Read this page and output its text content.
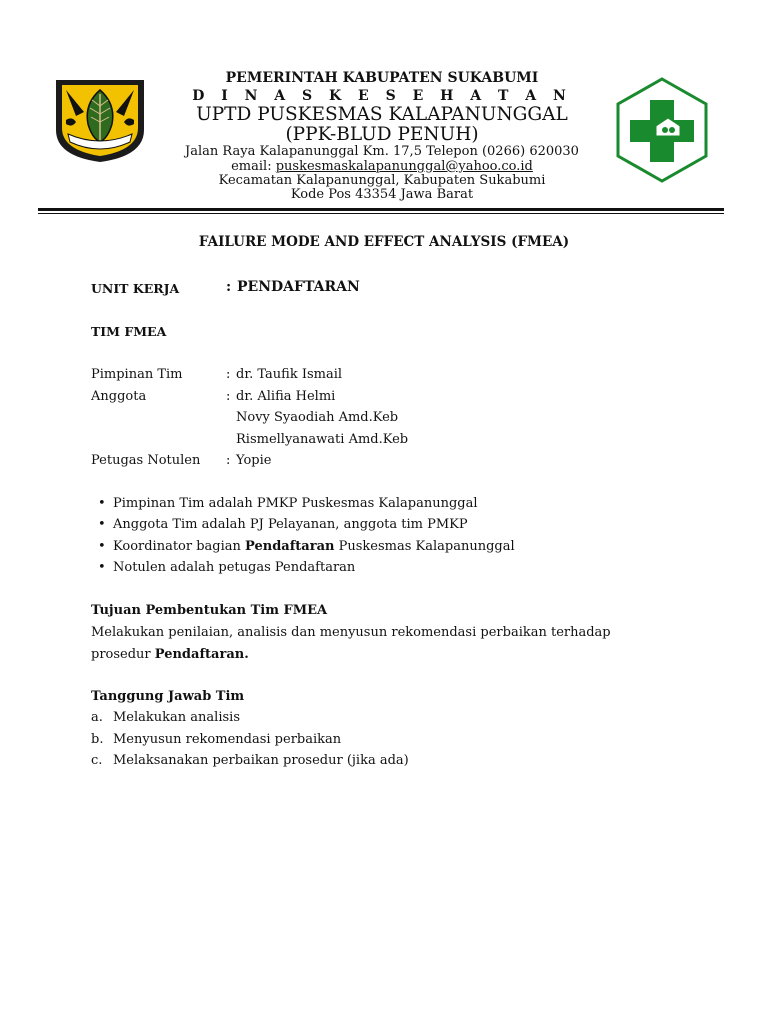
PEMERINTAH KABUPATEN SUKABUMI
D I N A S K E S E H A T A N
UPTD PUSKESMAS KALAPANUNGGAL
(PPK-BLUD PENUH)
Jalan Raya Kalapanunggal Km. 17,5 Telepon (0266) 620030
email: puskesmaskalapanunggal@yahoo.co.id
Kecamatan Kalapanunggal, Kabupaten Sukabumi
Kode Pos 43354 Jawa Barat
FAILURE MODE AND EFFECT ANALYSIS (FMEA)
UNIT KERJA	: PENDAFTARAN
TIM FMEA
Pimpinan Tim	: dr. Taufik Ismail
Anggota	: dr. Alifia Helmi
Novy Syaodiah Amd.Keb
Rismellyanawati Amd.Keb
Petugas Notulen : Yopie
• Pimpinan Tim adalah PMKP Puskesmas Kalapanunggal
• Anggota Tim adalah PJ Pelayanan, anggota tim PMKP
• Koordinator bagian Pendaftaran Puskesmas Kalapanunggal
• Notulen adalah petugas Pendaftaran
Tujuan Pembentukan Tim FMEA
Melakukan penilaian, analisis dan menyusun rekomendasi perbaikan terhadap
prosedur Pendaftaran.
Tanggung Jawab Tim
a. Melakukan analisis
b. Menyusun rekomendasi perbaikan
c. Melaksanakan perbaikan prosedur (jika ada)
